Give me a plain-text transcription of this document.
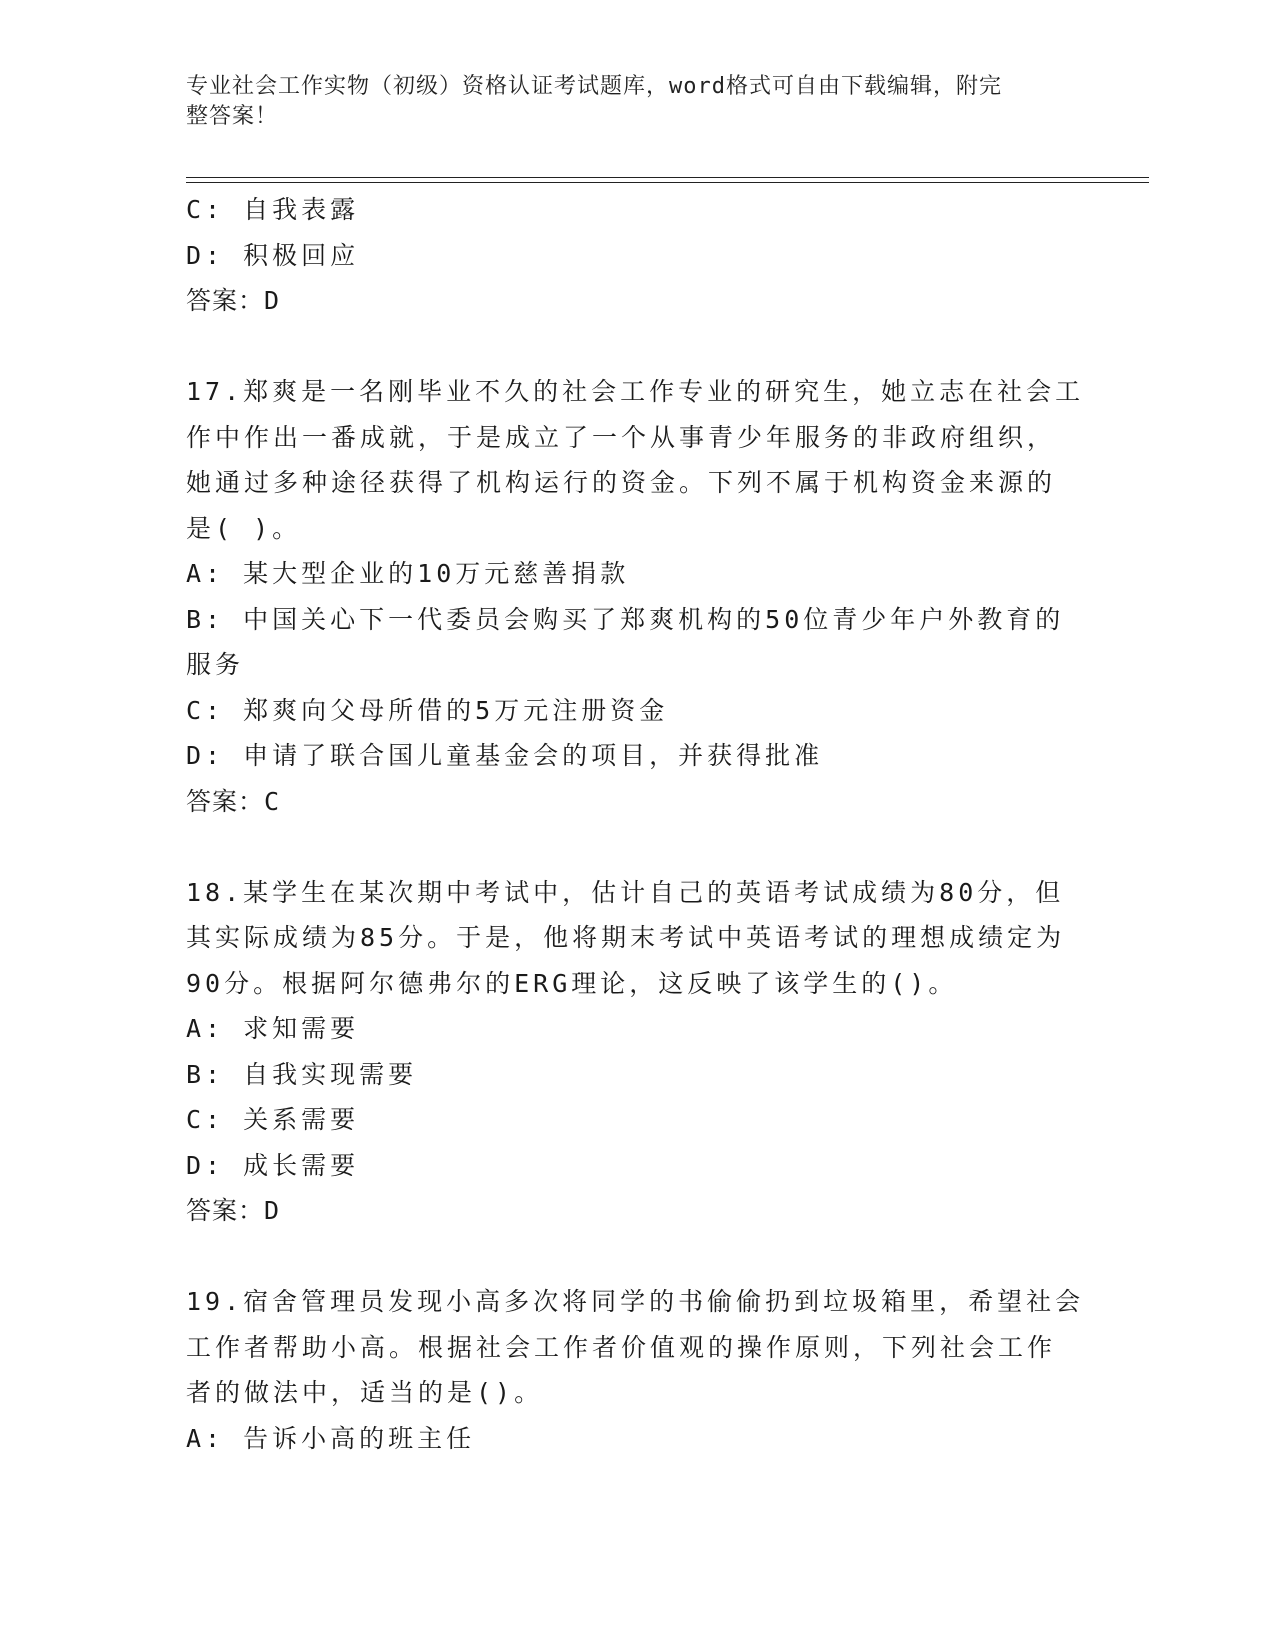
专业社会工作实物（初级）资格认证考试题库，word格式可自由下载编辑，附完
整答案！
C: 自我表露
D: 积极回应
答案：D
17.郑爽是一名刚毕业不久的社会工作专业的研究生，她立志在社会工
作中作出一番成就，于是成立了一个从事青少年服务的非政府组织，
她通过多种途径获得了机构运行的资金。下列不属于机构资金来源的
是( )。
A: 某大型企业的10万元慈善捐款
B: 中国关心下一代委员会购买了郑爽机构的50位青少年户外教育的
服务
C: 郑爽向父母所借的5万元注册资金
D: 申请了联合国儿童基金会的项目，并获得批准
答案：C
18.某学生在某次期中考试中，估计自己的英语考试成绩为80分，但
其实际成绩为85分。于是，他将期末考试中英语考试的理想成绩定为
90分。根据阿尔德弗尔的ERG理论，这反映了该学生的()。
A: 求知需要
B: 自我实现需要
C: 关系需要
D: 成长需要
答案：D
19.宿舍管理员发现小高多次将同学的书偷偷扔到垃圾箱里，希望社会
工作者帮助小高。根据社会工作者价值观的操作原则，下列社会工作
者的做法中，适当的是()。
A: 告诉小高的班主任
